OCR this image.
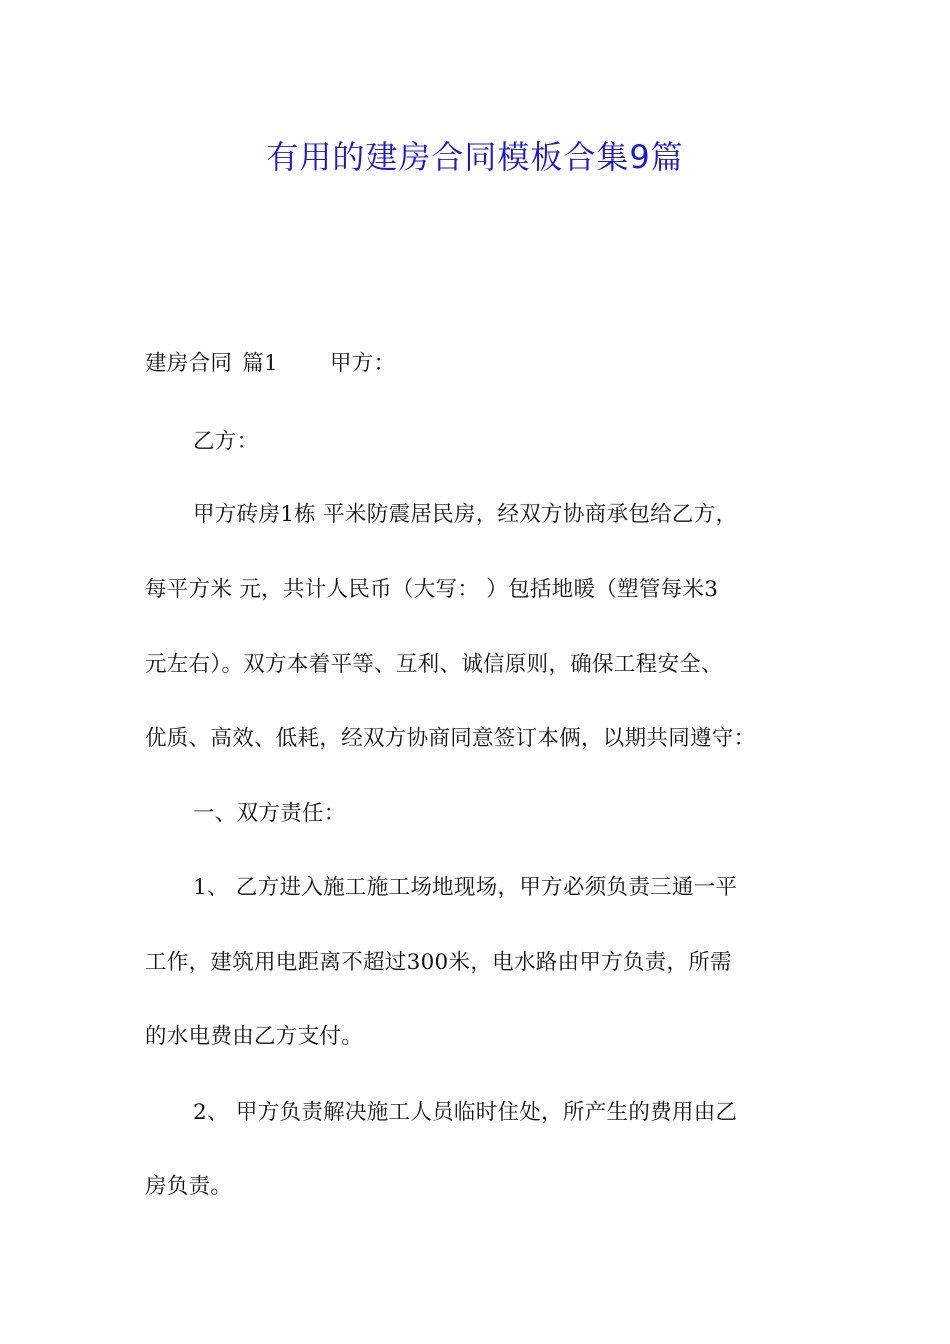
有用的建房合同模板合集9篇

建房合同 篇1 甲方：

乙方：

甲方砖房1栋 平米防震居民房，经双方协商承包给乙方，

每平方米 元，共计人民币（大写： ）包括地暖（塑管每米3

元左右）。双方本着平等、互利、诚信原则，确保工程安全、

优质、高效、低耗，经双方协商同意签订本俩，以期共同遵守：

一、双方责任：

1、 乙方进入施工施工场地现场，甲方必须负责三通一平

工作，建筑用电距离不超过300米，电水路由甲方负责，所需

的水电费由乙方支付。

2、 甲方负责解决施工人员临时住处，所产生的费用由乙

房负责。
